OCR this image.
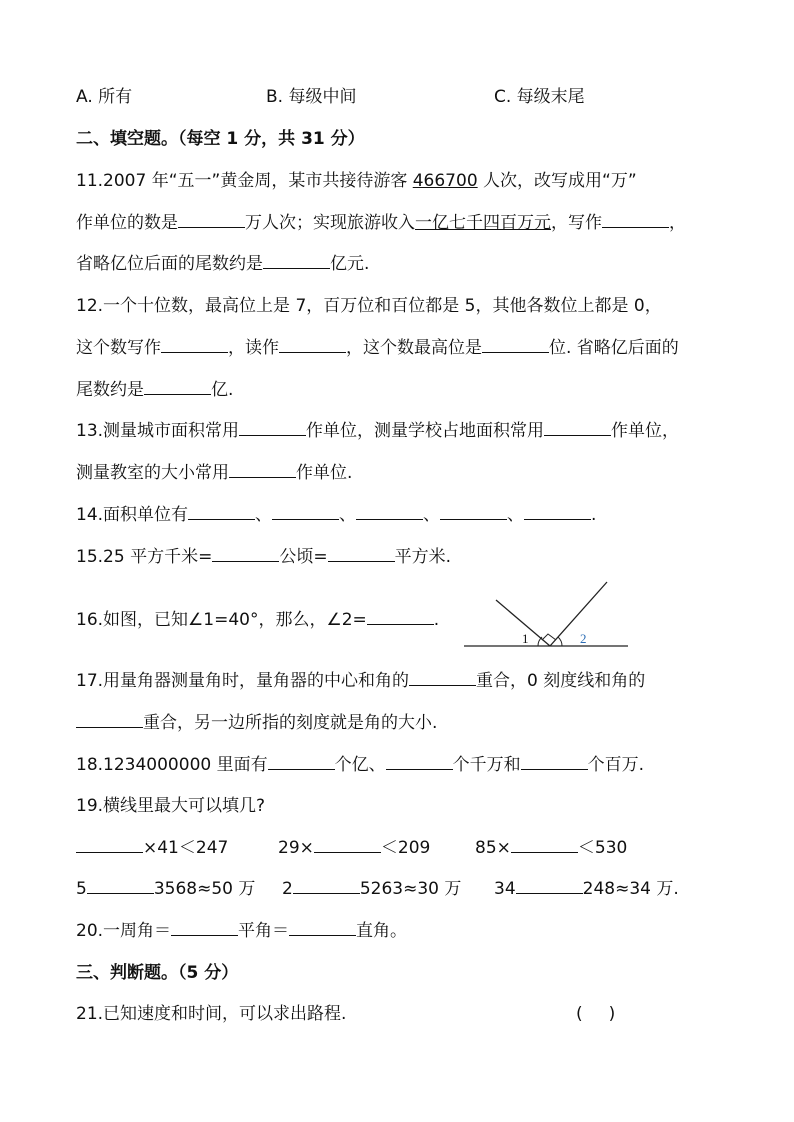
A. 所有	B. 每级中间	C. 每级末尾
二、填空题。（每空 1 分，共 31 分）
11.2007 年“五一”黄金周，某市共接待游客 466700 人次，改写成用“万”
作单位的数是	万人次；实现旅游收入一亿七千四百万元，写作	，
省略亿位后面的尾数约是	亿元.
12.一个十位数，最高位上是 7，百万位和百位都是 5，其他各数位上都是 0，
这个数写作	，读作	，这个数最高位是	位. 省略亿后面的
尾数约是	亿.
13.测量城市面积常用	作单位，测量学校占地面积常用	作单位，
测量教室的大小常用	作单位.
14.面积单位有	、	、	、	、	.
15.25 平方千米=	公顷=	平方米.
16.如图，已知∠1=40°，那么，∠2=	.
1	2
17.用量角器测量角时，量角器的中心和角的	重合，0 刻度线和角的
重合，另一边所指的刻度就是角的大小.
18.1234000000 里面有	个亿、	个千万和	个百万.
19.横线里最大可以填几?
×41＜247	29×	＜209	85×	＜530
5	3568≈50 万 2	5263≈30 万 34	248≈34 万.
20.一周角＝	平角＝	直角。
三、判断题。（5 分）
21.已知速度和时间，可以求出路程.	( )
